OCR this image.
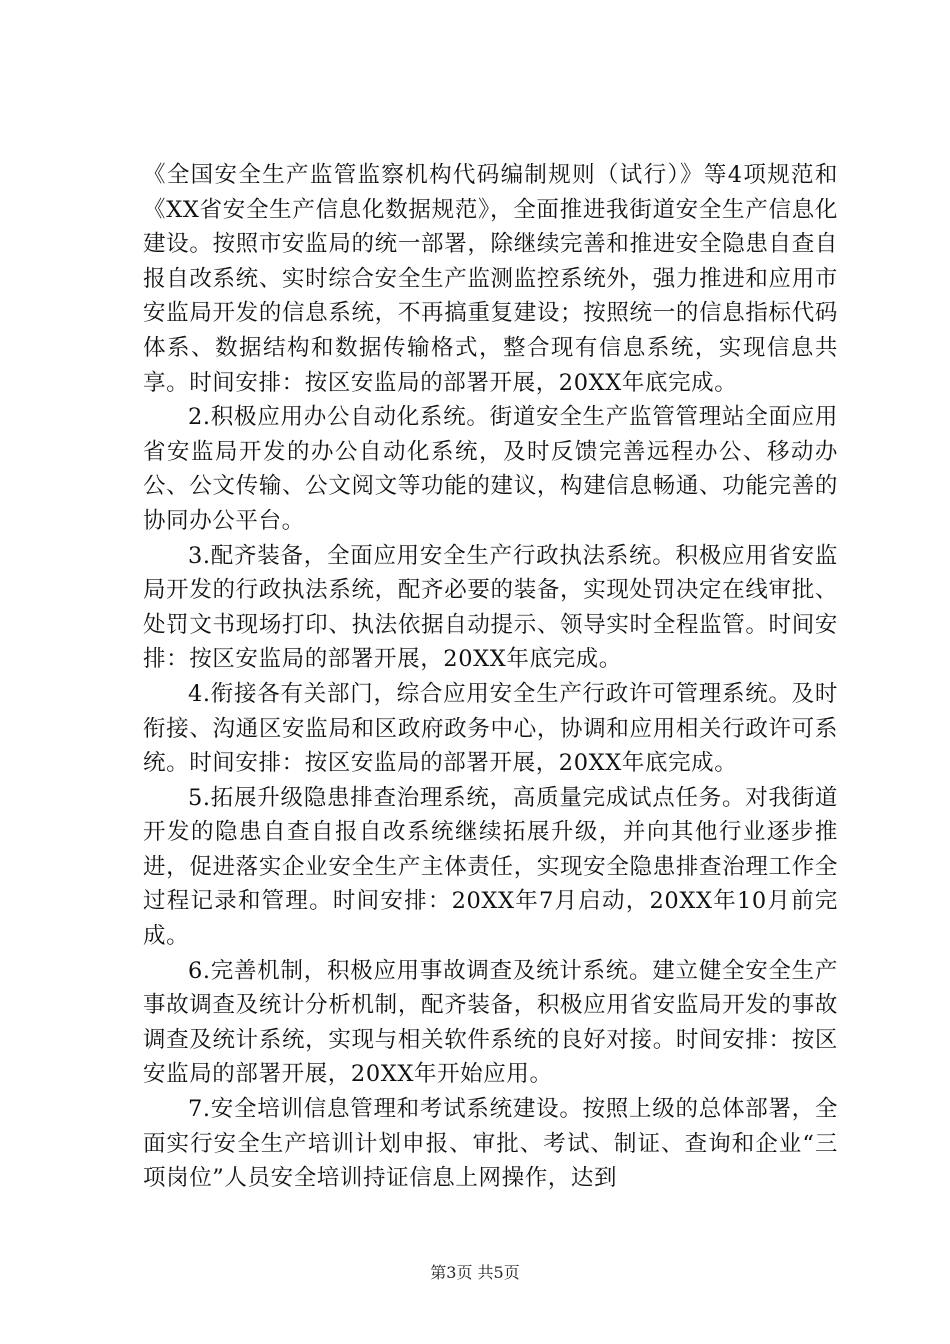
《全国安全生产监管监察机构代码编制规则（试行）》等4项规范和《XX省安全生产信息化数据规范》，全面推进我街道安全生产信息化建设。按照市安监局的统一部署，除继续完善和推进安全隐患自查自报自改系统、实时综合安全生产监测监控系统外，强力推进和应用市安监局开发的信息系统，不再搞重复建设；按照统一的信息指标代码体系、数据结构和数据传输格式，整合现有信息系统，实现信息共享。时间安排：按区安监局的部署开展，20XX年底完成。

2.积极应用办公自动化系统。街道安全生产监管管理站全面应用省安监局开发的办公自动化系统，及时反馈完善远程办公、移动办公、公文传输、公文阅文等功能的建议，构建信息畅通、功能完善的协同办公平台。

3.配齐装备，全面应用安全生产行政执法系统。积极应用省安监局开发的行政执法系统，配齐必要的装备，实现处罚决定在线审批、处罚文书现场打印、执法依据自动提示、领导实时全程监管。时间安排：按区安监局的部署开展，20XX年底完成。

4.衔接各有关部门，综合应用安全生产行政许可管理系统。及时衔接、沟通区安监局和区政府政务中心，协调和应用相关行政许可系统。时间安排：按区安监局的部署开展，20XX年底完成。

5.拓展升级隐患排查治理系统，高质量完成试点任务。对我街道开发的隐患自查自报自改系统继续拓展升级，并向其他行业逐步推进，促进落实企业安全生产主体责任，实现安全隐患排查治理工作全过程记录和管理。时间安排：20XX年7月启动，20XX年10月前完成。

6.完善机制，积极应用事故调查及统计系统。建立健全安全生产事故调查及统计分析机制，配齐装备，积极应用省安监局开发的事故调查及统计系统，实现与相关软件系统的良好对接。时间安排：按区安监局的部署开展，20XX年开始应用。

7.安全培训信息管理和考试系统建设。按照上级的总体部署，全面实行安全生产培训计划申报、审批、考试、制证、查询和企业“三项岗位”人员安全培训持证信息上网操作，达到

第3页 共5页
